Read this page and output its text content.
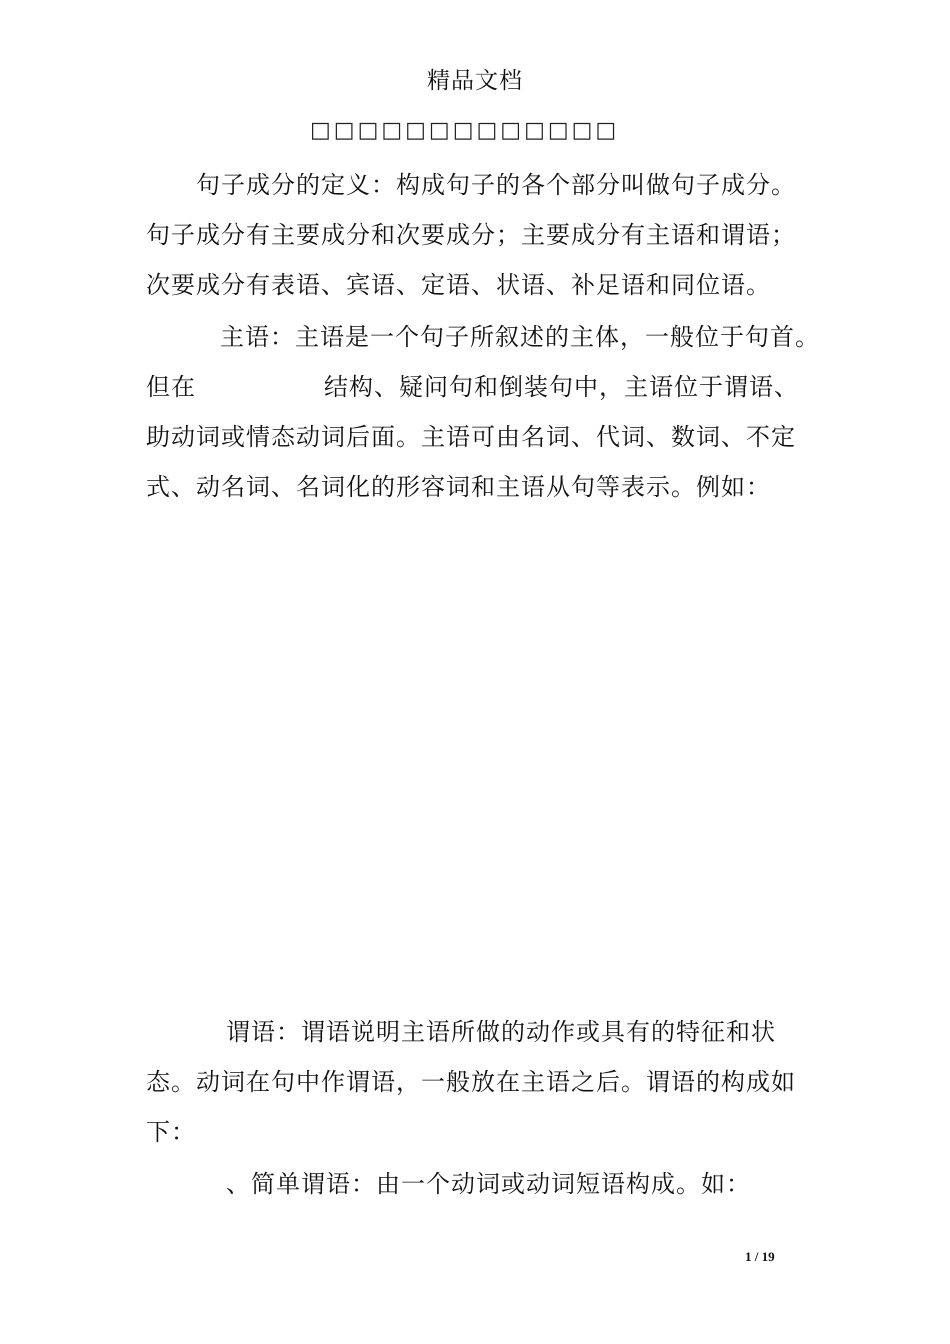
精品文档
□□□□□□□□□□□□□
句子成分的定义：构成句子的各个部分叫做句子成分。
句子成分有主要成分和次要成分；主要成分有主语和谓语；
次要成分有表语、宾语、定语、状语、补足语和同位语。
主语：主语是一个句子所叙述的主体，一般位于句首。
但在	结构、疑问句和倒装句中，主语位于谓语、
助动词或情态动词后面。主语可由名词、代词、数词、不定
式、动名词、名词化的形容词和主语从句等表示。例如：
谓语：谓语说明主语所做的动作或具有的特征和状
态。动词在句中作谓语，一般放在主语之后。谓语的构成如
下：
、简单谓语：由一个动词或动词短语构成。如：
1 / 19
